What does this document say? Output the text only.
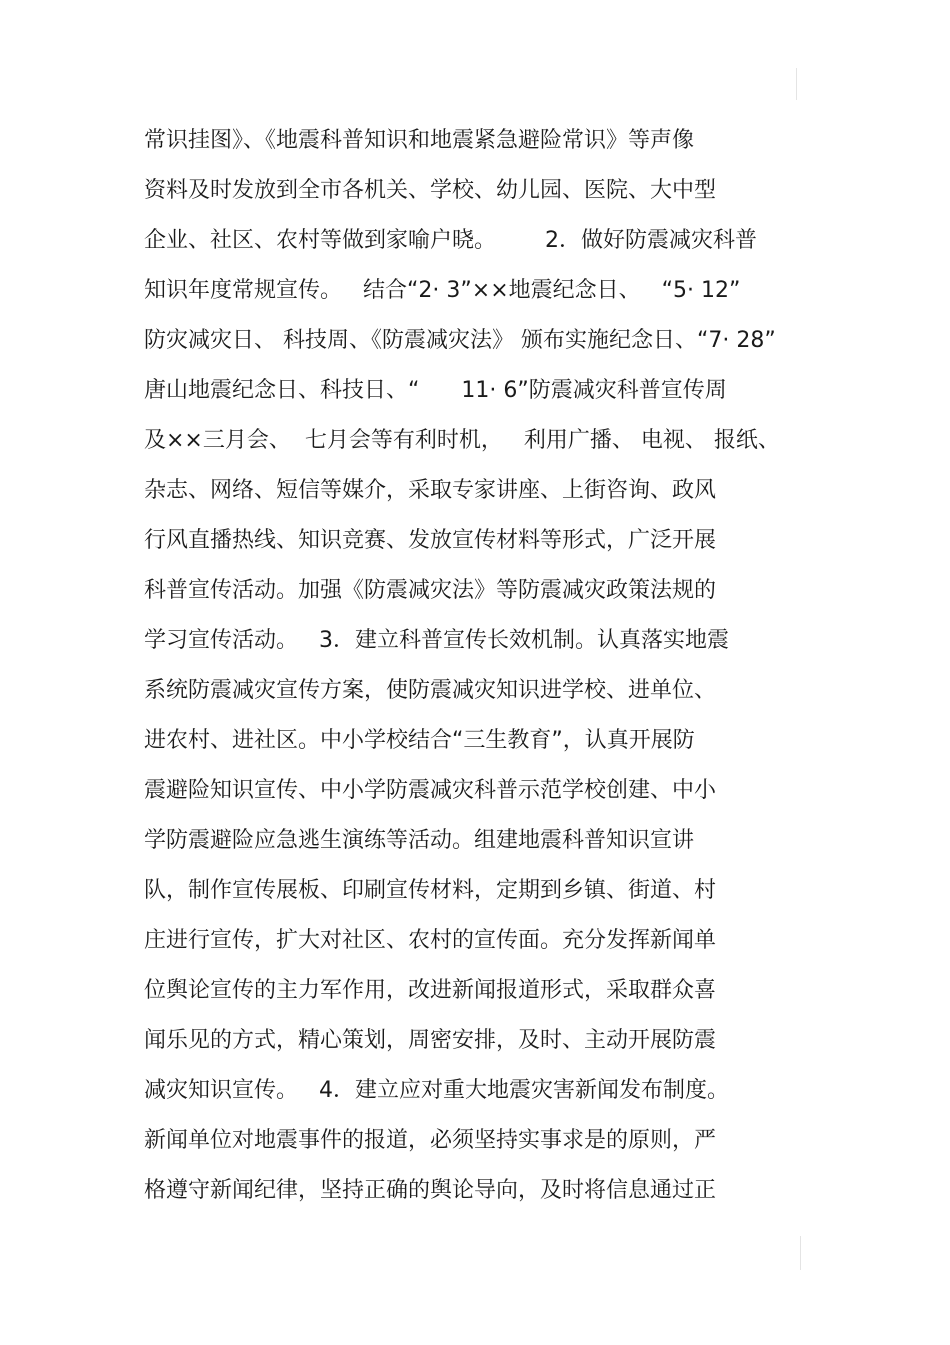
常识挂图》、《地震科普知识和地震紧急避险常识》等声像
资料及时发放到全市各机关、学校、幼儿园、医院、大中型
企业、社区、农村等做到家喻户晓。       2．做好防震减灾科普
知识年度常规宣传。   结合“2· 3”××地震纪念日、   “5· 12”
防灾减灾日、 科技周、《防震减灾法》 颁布实施纪念日、“7· 28”
唐山地震纪念日、科技日、“      11· 6”防震减灾科普宣传周
及××三月会、  七月会等有利时机，   利用广播、 电视、 报纸、
杂志、网络、短信等媒介，采取专家讲座、上街咨询、政风
行风直播热线、知识竞赛、发放宣传材料等形式，广泛开展
科普宣传活动。加强《防震减灾法》等防震减灾政策法规的
学习宣传活动。   3．建立科普宣传长效机制。认真落实地震
系统防震减灾宣传方案，使防震减灾知识进学校、进单位、
进农村、进社区。中小学校结合“三生教育”，认真开展防
震避险知识宣传、中小学防震减灾科普示范学校创建、中小
学防震避险应急逃生演练等活动。组建地震科普知识宣讲
队，制作宣传展板、印刷宣传材料，定期到乡镇、街道、村
庄进行宣传，扩大对社区、农村的宣传面。充分发挥新闻单
位舆论宣传的主力军作用，改进新闻报道形式，采取群众喜
闻乐见的方式，精心策划，周密安排，及时、主动开展防震
减灾知识宣传。   4．建立应对重大地震灾害新闻发布制度。
新闻单位对地震事件的报道，必须坚持实事求是的原则，严
格遵守新闻纪律，坚持正确的舆论导向，及时将信息通过正
